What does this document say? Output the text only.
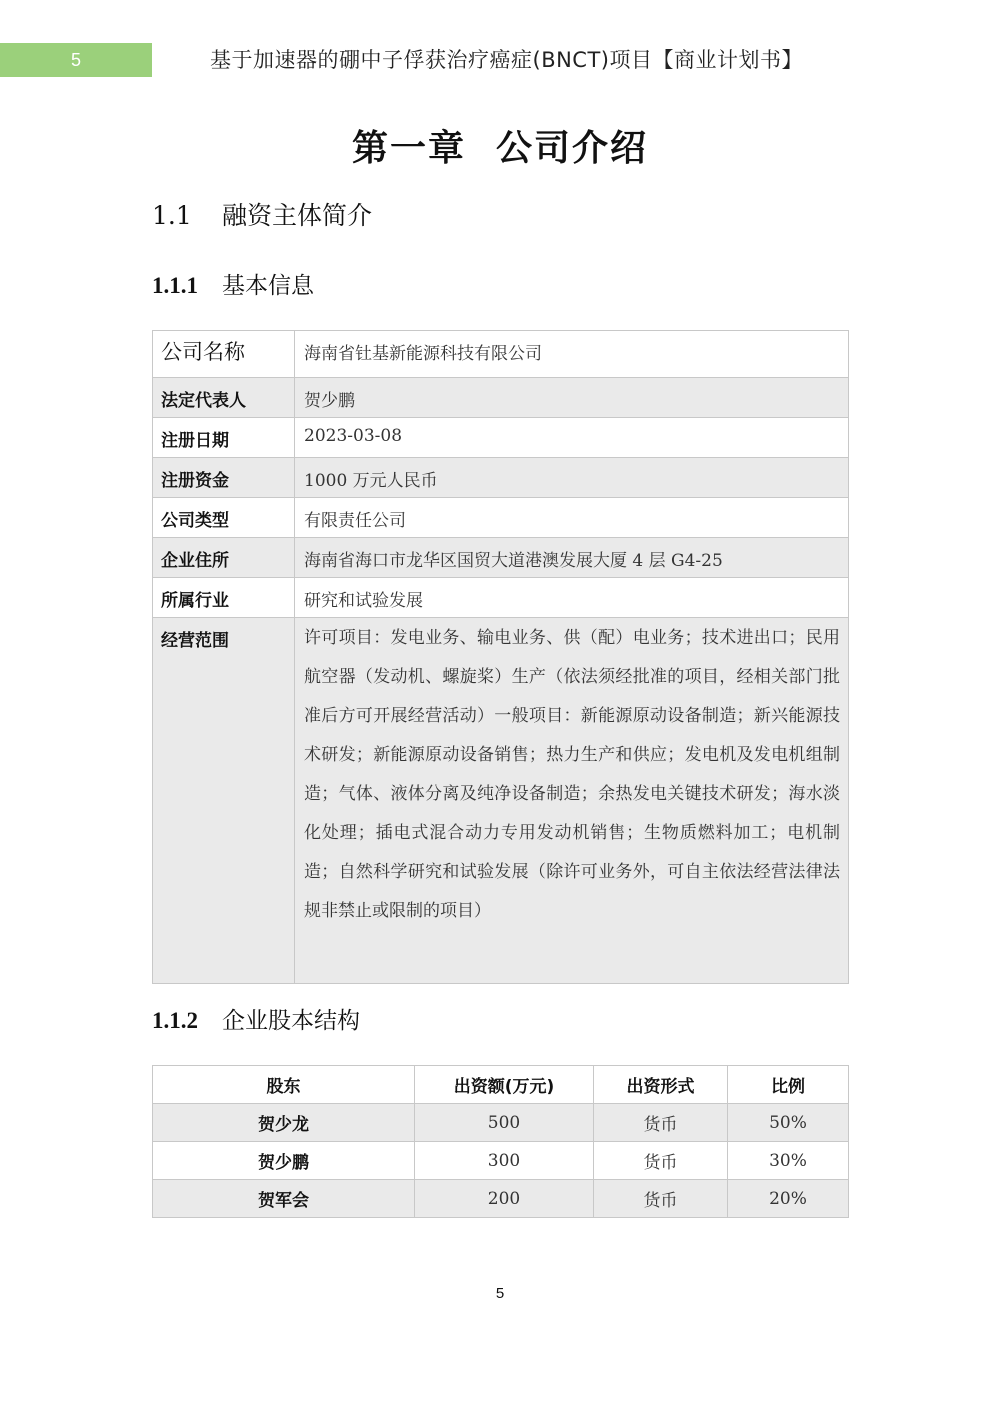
5	基于加速器的硼中子俘获治疗癌症(BNCT)项目【商业计划书】
第一章 公司介绍
1.1 融资主体简介
1.1.1 基本信息
公司名称	海南省钍基新能源科技有限公司
法定代表人	贺少鹏
注册日期	2023-03-08
注册资金	1000 万元人民币
公司类型	有限责任公司
企业住所	海南省海口市龙华区国贸大道港澳发展大厦 4 层 G4-25
所属行业	研究和试验发展
经营范围	许可项目：发电业务、输电业务、供（配）电业务；技术进出口；民用航空器（发动机、螺旋桨）生产（依法须经批准的项目，经相关部门批准后方可开展经营活动）一般项目：新能源原动设备制造；新兴能源技术研发；新能源原动设备销售；热力生产和供应；发电机及发电机组制造；气体、液体分离及纯净设备制造；余热发电关键技术研发；海水淡化处理；插电式混合动力专用发动机销售；生物质燃料加工；电机制造；自然科学研究和试验发展（除许可业务外，可自主依法经营法律法规非禁止或限制的项目）
1.1.2 企业股本结构
股东	出资额(万元)	出资形式	比例
贺少龙	500	货币	50%
贺少鹏	300	货币	30%
贺军会	200	货币	20%
5
